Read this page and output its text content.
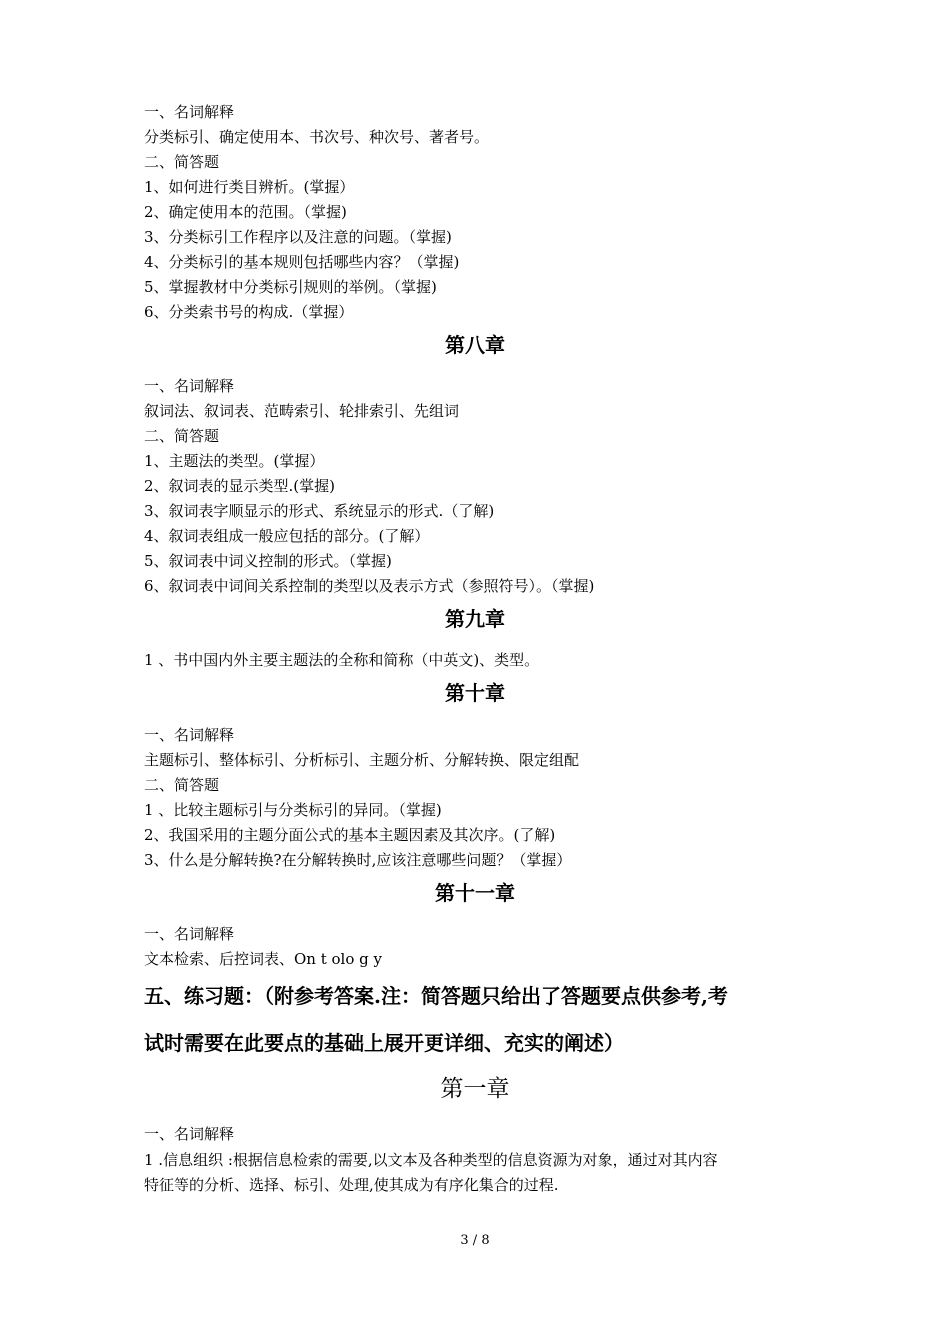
一、名词解释
分类标引、确定使用本、书次号、种次号、著者号。
二、简答题
1、如何进行类目辨析。(掌握）
2、确定使用本的范围。（掌握)
3、分类标引工作程序以及注意的问题。（掌握)
4、分类标引的基本规则包括哪些内容？（掌握)
5、掌握教材中分类标引规则的举例。（掌握)
6、分类索书号的构成.（掌握）
第八章
一、名词解释
叙词法、叙词表、范畴索引、轮排索引、先组词
二、简答题
1、主题法的类型。(掌握）
2、叙词表的显示类型.(掌握)
3、叙词表字顺显示的形式、系统显示的形式.（了解)
4、叙词表组成一般应包括的部分。(了解）
5、叙词表中词义控制的形式。（掌握)
6、叙词表中词间关系控制的类型以及表示方式（参照符号）。（掌握)
第九章
1 、书中国内外主要主题法的全称和简称（中英文)、类型。
第十章
一、名词解释
主题标引、整体标引、分析标引、主题分析、分解转换、限定组配
二、简答题
1 、比较主题标引与分类标引的异同。（掌握)
2、我国采用的主题分面公式的基本主题因素及其次序。(了解)
3、什么是分解转换?在分解转换时,应该注意哪些问题？（掌握）
第十一章
一、名词解释
文本检索、后控词表、On t olo g y
五、练习题：（附参考答案.注：简答题只给出了答题要点供参考,考
试时需要在此要点的基础上展开更详细、充实的阐述）
第一章
一、名词解释
1 .信息组织 :根据信息检索的需要,以文本及各种类型的信息资源为对象，通过对其内容
特征等的分析、选择、标引、处理,使其成为有序化集合的过程.
3 / 8
